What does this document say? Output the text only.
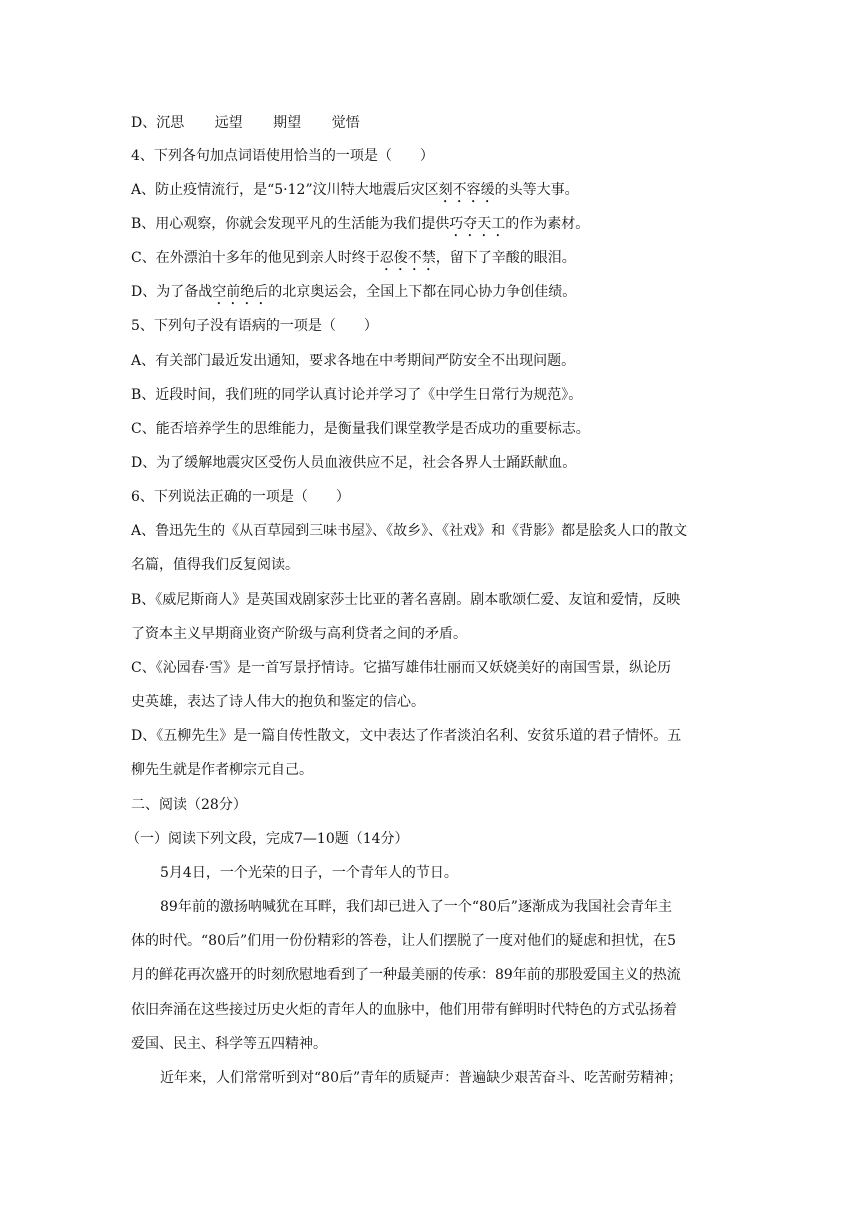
D、沉思 远望 期望 觉悟
4、下列各句加点词语使用恰当的一项是（　　）
A、防止疫情流行，是“5·12”汶川特大地震后灾区刻不容缓的头等大事。
B、用心观察，你就会发现平凡的生活能为我们提供巧夺天工的作为素材。
C、在外漂泊十多年的他见到亲人时终于忍俊不禁，留下了辛酸的眼泪。
D、为了备战空前绝后的北京奥运会，全国上下都在同心协力争创佳绩。
5、下列句子没有语病的一项是（　　）
A、有关部门最近发出通知，要求各地在中考期间严防安全不出现问题。
B、近段时间，我们班的同学认真讨论并学习了《中学生日常行为规范》。
C、能否培养学生的思维能力，是衡量我们课堂教学是否成功的重要标志。
D、为了缓解地震灾区受伤人员血液供应不足，社会各界人士踊跃献血。
6、下列说法正确的一项是（　　）
A、鲁迅先生的《从百草园到三味书屋》、《故乡》、《社戏》和《背影》都是脍炙人口的散文
名篇，值得我们反复阅读。
B、《威尼斯商人》是英国戏剧家莎士比亚的著名喜剧。剧本歌颂仁爱、友谊和爱情，反映
了资本主义早期商业资产阶级与高利贷者之间的矛盾。
C、《沁园春·雪》是一首写景抒情诗。它描写雄伟壮丽而又妖娆美好的南国雪景，纵论历
史英雄，表达了诗人伟大的抱负和鉴定的信心。
D、《五柳先生》是一篇自传性散文，文中表达了作者淡泊名利、安贫乐道的君子情怀。五
柳先生就是作者柳宗元自己。
二、阅读（28分）
（一）阅读下列文段，完成7—10题（14分）
5月4日，一个光荣的日子，一个青年人的节日。
89年前的激扬呐喊犹在耳畔，我们却已进入了一个“80后”逐渐成为我国社会青年主
体的时代。“80后”们用一份份精彩的答卷，让人们摆脱了一度对他们的疑虑和担忧，在5
月的鲜花再次盛开的时刻欣慰地看到了一种最美丽的传承：89年前的那股爱国主义的热流
依旧奔涌在这些接过历史火炬的青年人的血脉中，他们用带有鲜明时代特色的方式弘扬着
爱国、民主、科学等五四精神。
近年来，人们常常听到对“80后”青年的质疑声：普遍缺少艰苦奋斗、吃苦耐劳精神；
